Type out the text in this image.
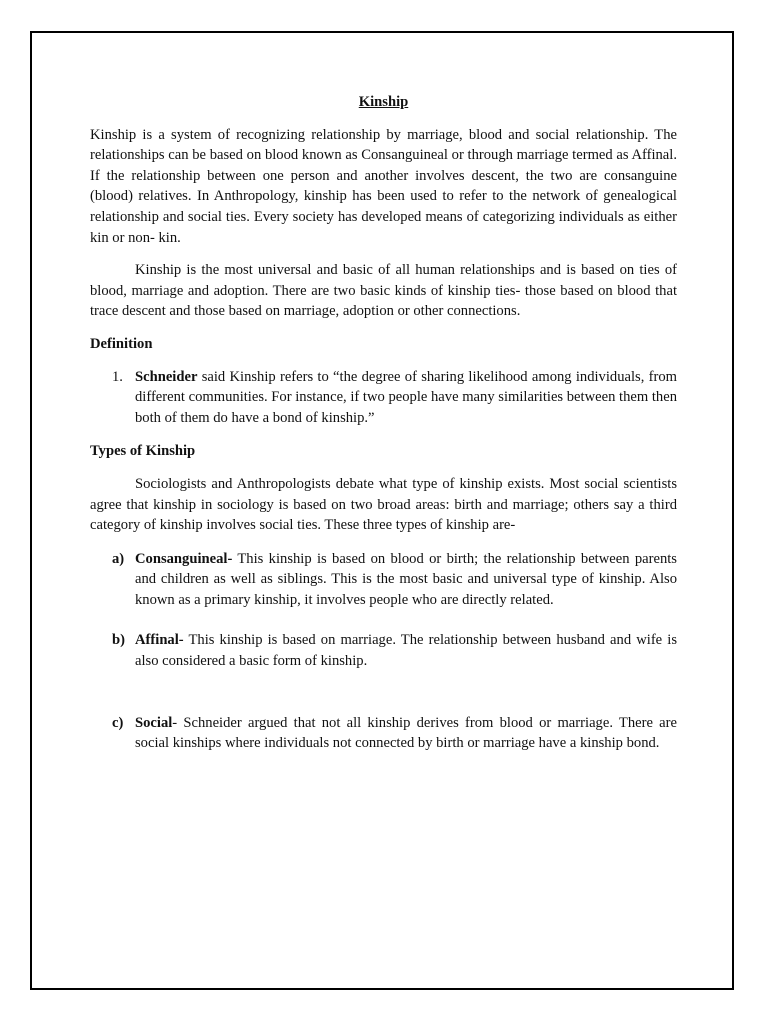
Kinship

Kinship is a system of recognizing relationship by marriage, blood and social relationship. The relationships can be based on blood known as Consanguineal or through marriage termed as Affinal. If the relationship between one person and another involves descent, the two are consanguine (blood) relatives. In Anthropology, kinship has been used to refer to the network of genealogical relationship and social ties. Every society has developed means of categorizing individuals as either kin or non- kin.

Kinship is the most universal and basic of all human relationships and is based on ties of blood, marriage and adoption. There are two basic kinds of kinship ties- those based on blood that trace descent and those based on marriage, adoption or other connections.

Definition
1. Schneider said Kinship refers to “the degree of sharing likelihood among individuals, from different communities. For instance, if two people have many similarities between them then both of them do have a bond of kinship.”
Types of Kinship

Sociologists and Anthropologists debate what type of kinship exists. Most social scientists agree that kinship in sociology is based on two broad areas: birth and marriage; others say a third category of kinship involves social ties. These three types of kinship are-

a) Consanguineal- This kinship is based on blood or birth; the relationship between parents and children as well as siblings. This is the most basic and universal type of kinship. Also known as a primary kinship, it involves people who are directly related.
b) Affinal- This kinship is based on marriage. The relationship between husband and wife is also considered a basic form of kinship.
c) Social- Schneider argued that not all kinship derives from blood or marriage. There are social kinships where individuals not connected by birth or marriage have a kinship bond.
